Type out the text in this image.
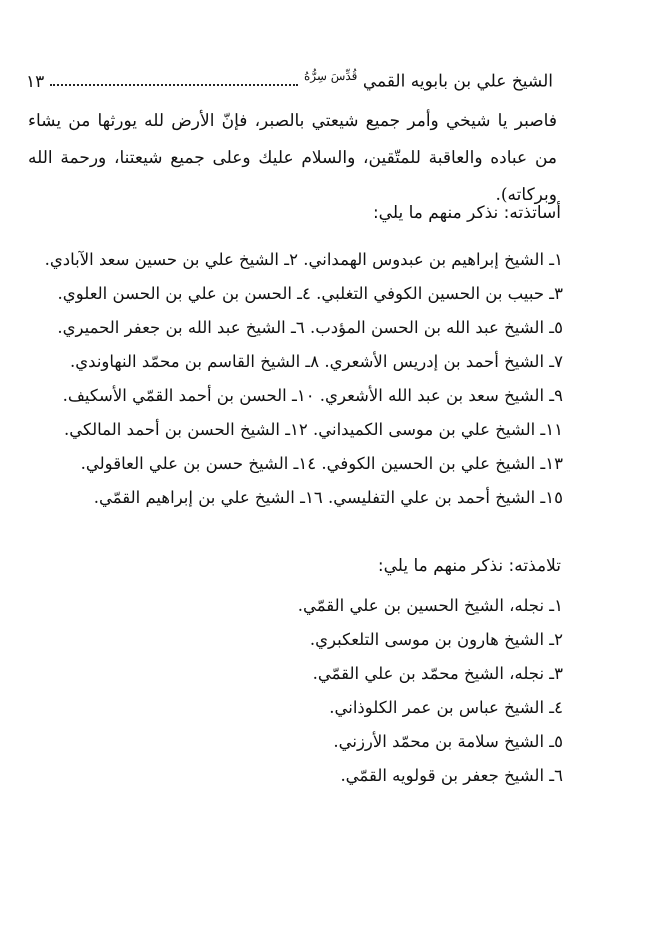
الشيخ علي بن بابويه القمي $^{قُدِّسَ سِرُّهُ}$
١٣

فاصبر يا شيخي وأمر جميع شيعتي بالصبر، فإنّ الأرض لله يورثها من يشاء من عباده والعاقبة للمتّقين، والسلام عليك وعلى جميع شيعتنا، ورحمة الله وبركاته).

أساتذته: نذكر منهم ما يلي:
١ـ الشيخ إبراهيم بن عبدوس الهمداني. ٢ـ الشيخ علي بن حسين سعد الآبادي.
٣ـ حبيب بن الحسين الكوفي التغلبي. ٤ـ الحسن بن علي بن الحسن العلوي.
٥ـ الشيخ عبد الله بن الحسن المؤدب. ٦ـ الشيخ عبد الله بن جعفر الحميري.
٧ـ الشيخ أحمد بن إدريس الأشعري. ٨ـ الشيخ القاسم بن محمّد النهاوندي.
٩ـ الشيخ سعد بن عبد الله الأشعري. ١٠ـ الحسن بن أحمد القمّي الأسكيف.
١١ـ الشيخ علي بن موسى الكميداني. ١٢ـ الشيخ الحسن بن أحمد المالكي.
١٣ـ الشيخ علي بن الحسين الكوفي. ١٤ـ الشيخ حسن بن علي العاقولي.
١٥ـ الشيخ أحمد بن علي التفليسي. ١٦ـ الشيخ علي بن إبراهيم القمّي.
تلامذته: نذكر منهم ما يلي:
١ـ نجله، الشيخ الحسين بن علي القمّي.
٢ـ الشيخ هارون بن موسى التلعكبري.
٣ـ نجله، الشيخ محمّد بن علي القمّي.
٤ـ الشيخ عباس بن عمر الكلوذاني.
٥ـ الشيخ سلامة بن محمّد الأرزني.
٦ـ الشيخ جعفر بن قولويه القمّي.
